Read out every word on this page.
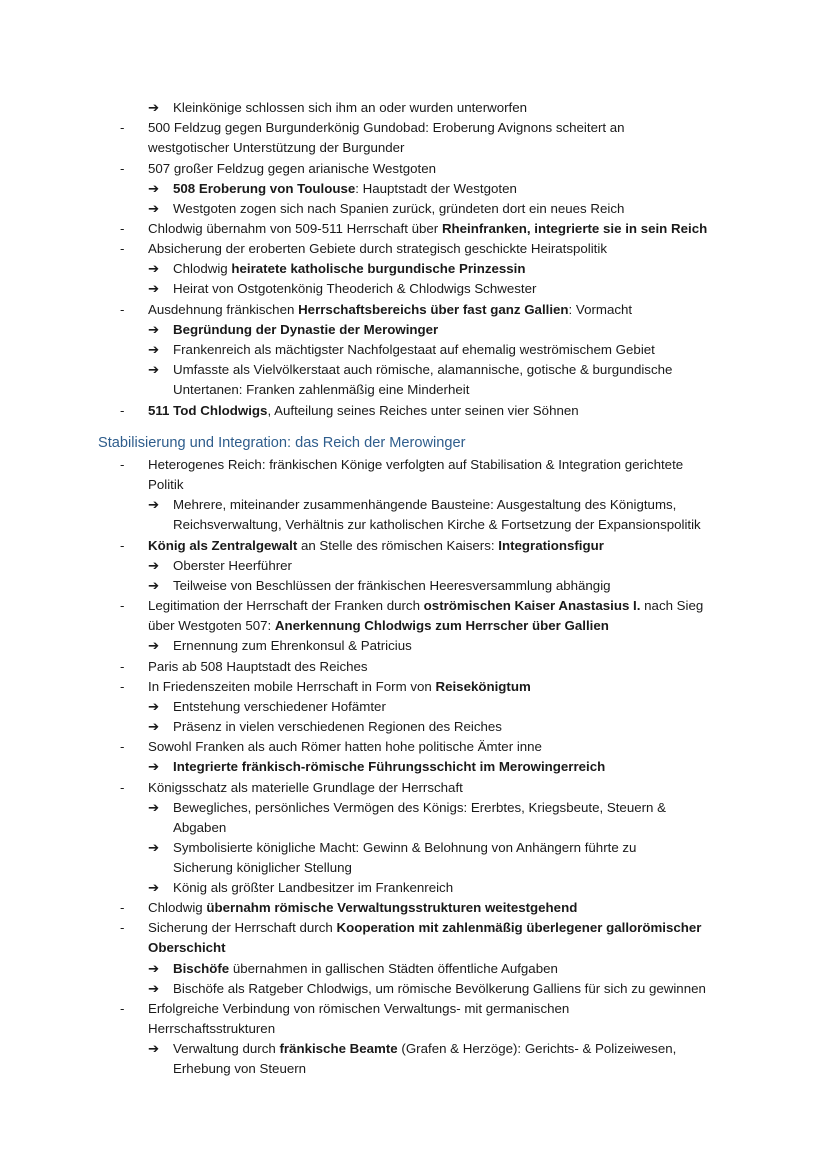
➔ Kleinkönige schlossen sich ihm an oder wurden unterworfen
- 500 Feldzug gegen Burgunderkönig Gundobad: Eroberung Avignons scheitert an
westgotischer Unterstützung der Burgunder
- 507 großer Feldzug gegen arianische Westgoten
➔ 508 Eroberung von Toulouse: Hauptstadt der Westgoten
➔ Westgoten zogen sich nach Spanien zurück, gründeten dort ein neues Reich
- Chlodwig übernahm von 509-511 Herrschaft über Rheinfranken, integrierte sie in sein Reich
- Absicherung der eroberten Gebiete durch strategisch geschickte Heiratspolitik
➔ Chlodwig heiratete katholische burgundische Prinzessin
➔ Heirat von Ostgotenkönig Theoderich & Chlodwigs Schwester
- Ausdehnung fränkischen Herrschaftsbereichs über fast ganz Gallien: Vormacht
➔ Begründung der Dynastie der Merowinger
➔ Frankenreich als mächtigster Nachfolgestaat auf ehemalig weströmischem Gebiet
➔ Umfasste als Vielvölkerstaat auch römische, alamannische, gotische & burgundische
Untertanen: Franken zahlenmäßig eine Minderheit
- 511 Tod Chlodwigs, Aufteilung seines Reiches unter seinen vier Söhnen
Stabilisierung und Integration: das Reich der Merowinger
- Heterogenes Reich: fränkischen Könige verfolgten auf Stabilisation & Integration gerichtete
Politik
➔ Mehrere, miteinander zusammenhängende Bausteine: Ausgestaltung des Königtums,
Reichsverwaltung, Verhältnis zur katholischen Kirche & Fortsetzung der Expansionspolitik
- König als Zentralgewalt an Stelle des römischen Kaisers: Integrationsfigur
➔ Oberster Heerführer
➔ Teilweise von Beschlüssen der fränkischen Heeresversammlung abhängig
- Legitimation der Herrschaft der Franken durch oströmischen Kaiser Anastasius I. nach Sieg
über Westgoten 507: Anerkennung Chlodwigs zum Herrscher über Gallien
➔ Ernennung zum Ehrenkonsul & Patricius
- Paris ab 508 Hauptstadt des Reiches
- In Friedenszeiten mobile Herrschaft in Form von Reisekönigtum
➔ Entstehung verschiedener Hofämter
➔ Präsenz in vielen verschiedenen Regionen des Reiches
- Sowohl Franken als auch Römer hatten hohe politische Ämter inne
➔ Integrierte fränkisch-römische Führungsschicht im Merowingerreich
- Königsschatz als materielle Grundlage der Herrschaft
➔ Bewegliches, persönliches Vermögen des Königs: Ererbtes, Kriegsbeute, Steuern &
Abgaben
➔ Symbolisierte königliche Macht: Gewinn & Belohnung von Anhängern führte zu
Sicherung königlicher Stellung
➔ König als größter Landbesitzer im Frankenreich
- Chlodwig übernahm römische Verwaltungsstrukturen weitestgehend
- Sicherung der Herrschaft durch Kooperation mit zahlenmäßig überlegener gallorömischer
Oberschicht
➔ Bischöfe übernahmen in gallischen Städten öffentliche Aufgaben
➔ Bischöfe als Ratgeber Chlodwigs, um römische Bevölkerung Galliens für sich zu gewinnen
- Erfolgreiche Verbindung von römischen Verwaltungs- mit germanischen
Herrschaftsstrukturen
➔ Verwaltung durch fränkische Beamte (Grafen & Herzöge): Gerichts- & Polizeiwesen,
Erhebung von Steuern
